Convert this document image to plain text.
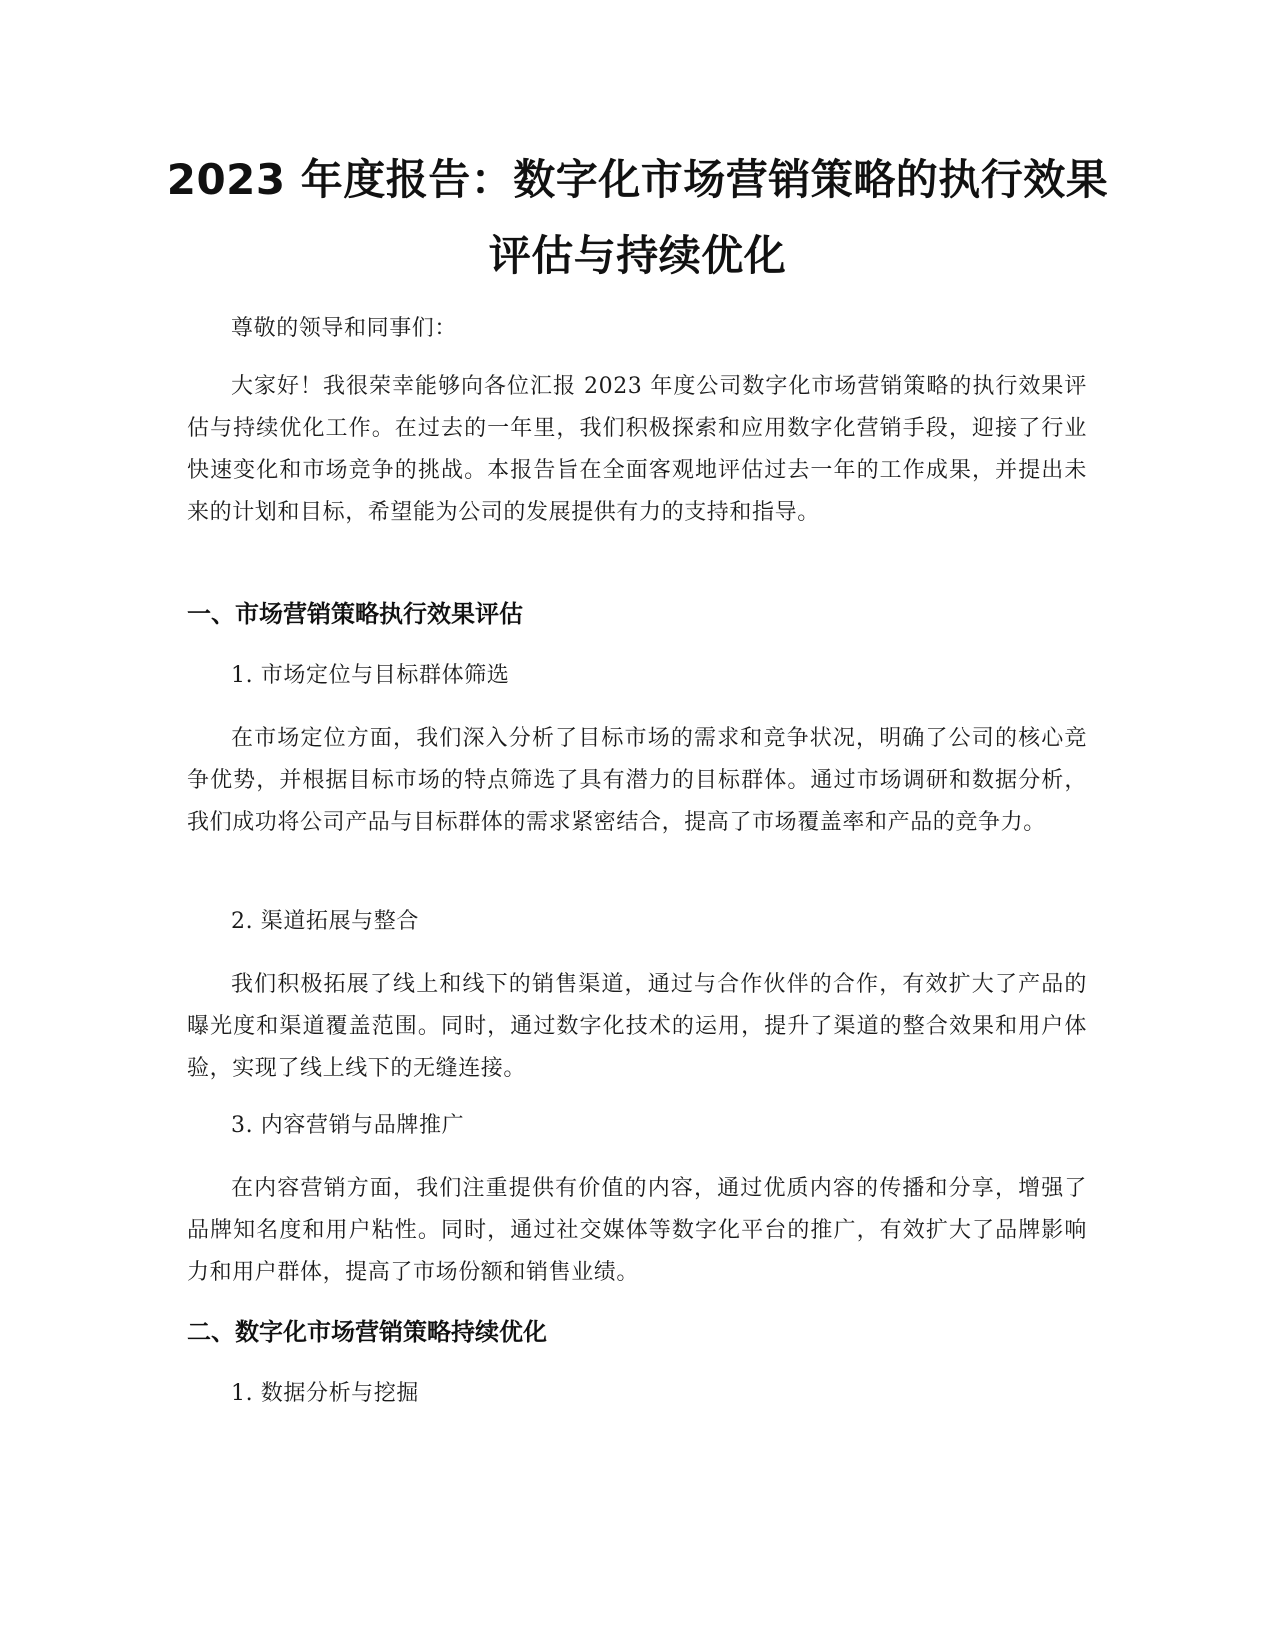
2023 年度报告：数字化市场营销策略的执行效果评估与持续优化

尊敬的领导和同事们：

大家好！我很荣幸能够向各位汇报 2023 年度公司数字化市场营销策略的执行效果评估与持续优化工作。在过去的一年里，我们积极探索和应用数字化营销手段，迎接了行业快速变化和市场竞争的挑战。本报告旨在全面客观地评估过去一年的工作成果，并提出未来的计划和目标，希望能为公司的发展提供有力的支持和指导。

一、市场营销策略执行效果评估

1. 市场定位与目标群体筛选

在市场定位方面，我们深入分析了目标市场的需求和竞争状况，明确了公司的核心竞争优势，并根据目标市场的特点筛选了具有潜力的目标群体。通过市场调研和数据分析，我们成功将公司产品与目标群体的需求紧密结合，提高了市场覆盖率和产品的竞争力。

2. 渠道拓展与整合

我们积极拓展了线上和线下的销售渠道，通过与合作伙伴的合作，有效扩大了产品的曝光度和渠道覆盖范围。同时，通过数字化技术的运用，提升了渠道的整合效果和用户体验，实现了线上线下的无缝连接。

3. 内容营销与品牌推广

在内容营销方面，我们注重提供有价值的内容，通过优质内容的传播和分享，增强了品牌知名度和用户粘性。同时，通过社交媒体等数字化平台的推广，有效扩大了品牌影响力和用户群体，提高了市场份额和销售业绩。

二、数字化市场营销策略持续优化

1. 数据分析与挖掘
